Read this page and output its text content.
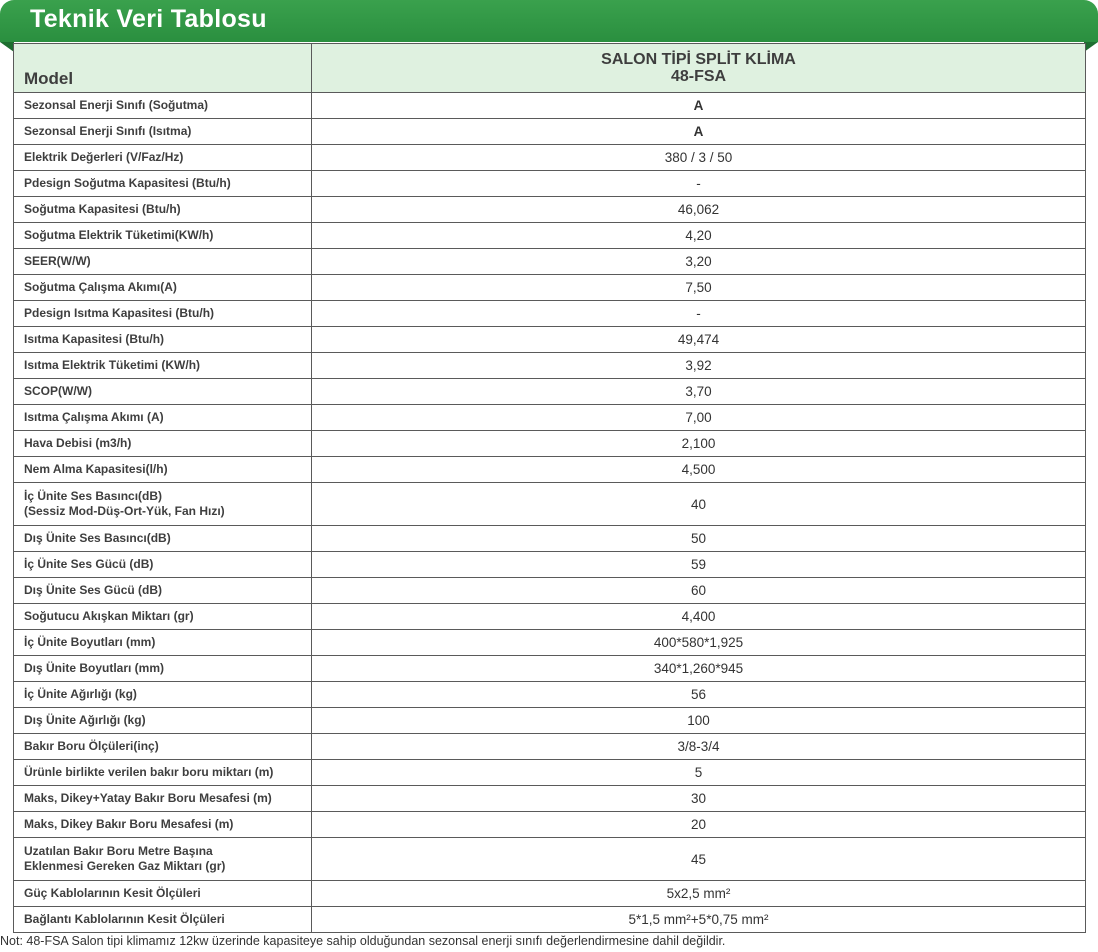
Teknik Veri Tablosu
Model	SALON TİPİ SPLİT KLİMA
48-FSA

Sezonsal Enerji Sınıfı (Soğutma)	A

Sezonsal Enerji Sınıfı (Isıtma)	A

Elektrik Değerleri (V/Faz/Hz)	380 / 3 / 50

Pdesign Soğutma Kapasitesi (Btu/h)	-

Soğutma Kapasitesi (Btu/h)	46,062

Soğutma Elektrik Tüketimi(KW/h)	4,20

SEER(W/W)	3,20

Soğutma Çalışma Akımı(A)	7,50

Pdesign Isıtma Kapasitesi (Btu/h)	-

Isıtma Kapasitesi (Btu/h)	49,474

Isıtma Elektrik Tüketimi (KW/h)	3,92

SCOP(W/W)	3,70

Isıtma Çalışma Akımı (A)	7,00

Hava Debisi (m3/h)	2,100

Nem Alma Kapasitesi(l/h)	4,500

İç Ünite Ses Basıncı(dB)
(Sessiz Mod-Düş-Ort-Yük, Fan Hızı)	40

Dış Ünite Ses Basıncı(dB)	50

İç Ünite Ses Gücü (dB)	59

Dış Ünite Ses Gücü (dB)	60

Soğutucu Akışkan Miktarı (gr)	4,400

İç Ünite Boyutları (mm)	400*580*1,925

Dış Ünite Boyutları (mm)	340*1,260*945

İç Ünite Ağırlığı (kg)	56

Dış Ünite Ağırlığı (kg)	100

Bakır Boru Ölçüleri(inç)	3/8-3/4

Ürünle birlikte verilen bakır boru miktarı (m)	5

Maks, Dikey+Yatay Bakır Boru Mesafesi (m)	30

Maks, Dikey Bakır Boru Mesafesi (m)	20

Uzatılan Bakır Boru Metre Başına
Eklenmesi Gereken Gaz Miktarı (gr)	45

Güç Kablolarının Kesit Ölçüleri	5x2,5 mm²

Bağlantı Kablolarının Kesit Ölçüleri	5*1,5 mm²+5*0,75 mm²
Not: 48-FSA Salon tipi klimamız 12kw üzerinde kapasiteye sahip olduğundan sezonsal enerji sınıfı değerlendirmesine dahil değildir.
